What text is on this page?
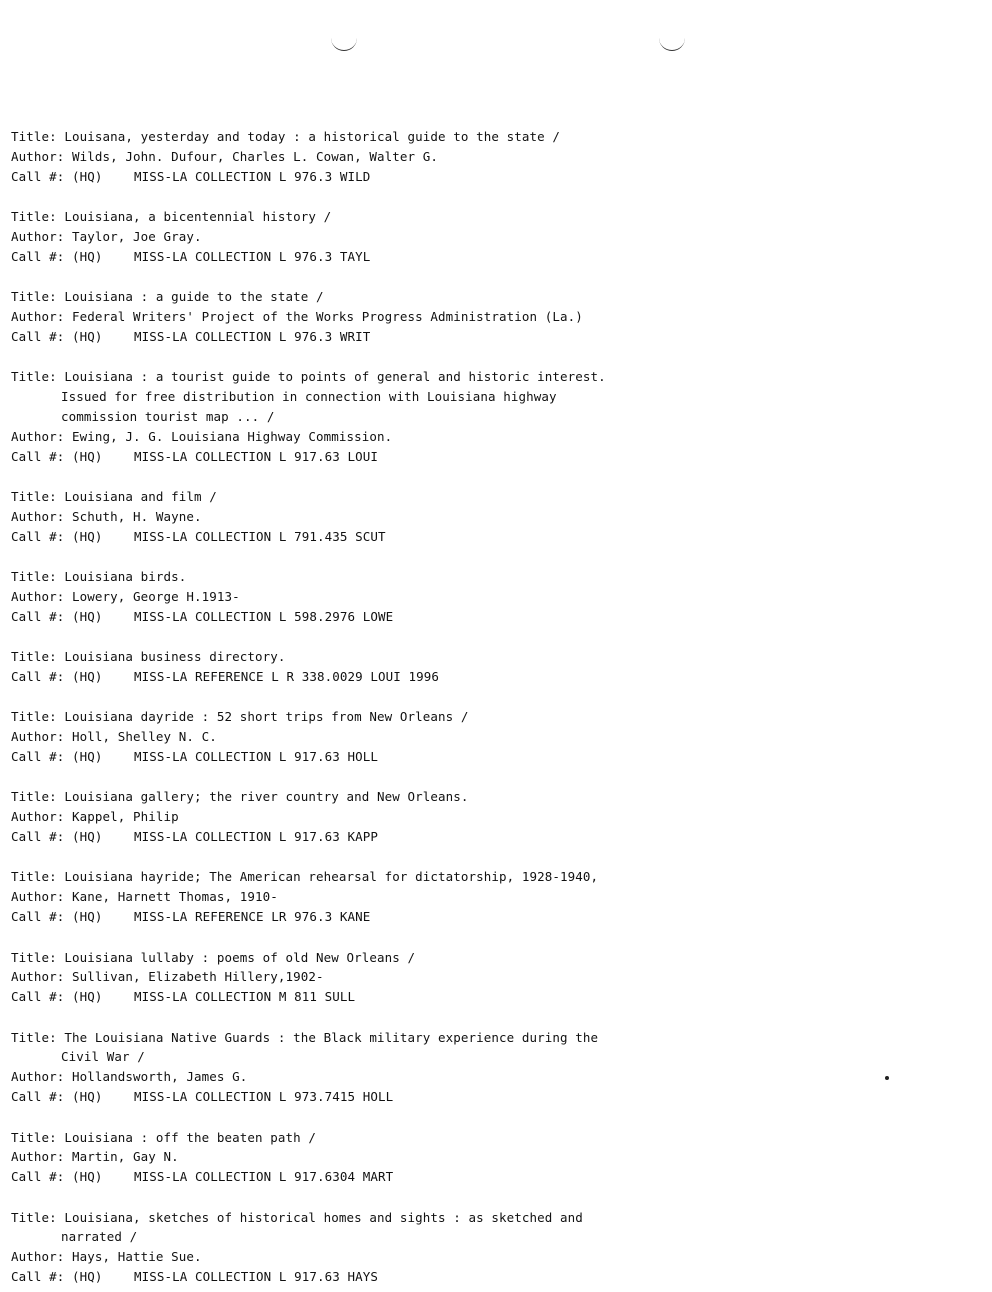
Title: Louisana, yesterday and today : a historical guide to the state /
Author: Wilds, John. Dufour, Charles L. Cowan, Walter G.
Call #: (HQ)	MISS-LA COLLECTION L 976.3 WILD
Title: Louisiana, a bicentennial history /
Author: Taylor, Joe Gray.
Call #: (HQ)	MISS-LA COLLECTION L 976.3 TAYL
Title: Louisiana : a guide to the state /
Author: Federal Writers' Project of the Works Progress Administration (La.)
Call #: (HQ)	MISS-LA COLLECTION L 976.3 WRIT
Title: Louisiana : a tourist guide to points of general and historic interest.
Issued for free distribution in connection with Louisiana highway
commission tourist map ... /
Author: Ewing, J. G. Louisiana Highway Commission.
Call #: (HQ)	MISS-LA COLLECTION L 917.63 LOUI
Title: Louisiana and film /
Author: Schuth, H. Wayne.
Call #: (HQ)	MISS-LA COLLECTION L 791.435 SCUT
Title: Louisiana birds.
Author: Lowery, George H.1913-
Call #: (HQ)	MISS-LA COLLECTION L 598.2976 LOWE
Title: Louisiana business directory.
Call #: (HQ)	MISS-LA REFERENCE L R 338.0029 LOUI 1996
Title: Louisiana dayride : 52 short trips from New Orleans /
Author: Holl, Shelley N. C.
Call #: (HQ)	MISS-LA COLLECTION L 917.63 HOLL
Title: Louisiana gallery; the river country and New Orleans.
Author: Kappel, Philip
Call #: (HQ)	MISS-LA COLLECTION L 917.63 KAPP
Title: Louisiana hayride; The American rehearsal for dictatorship, 1928-1940,
Author: Kane, Harnett Thomas, 1910-
Call #: (HQ)	MISS-LA REFERENCE LR 976.3 KANE
Title: Louisiana lullaby : poems of old New Orleans /
Author: Sullivan, Elizabeth Hillery,1902-
Call #: (HQ)	MISS-LA COLLECTION M 811 SULL
Title: The Louisiana Native Guards : the Black military experience during the
Civil War /
Author: Hollandsworth, James G.
Call #: (HQ)	MISS-LA COLLECTION L 973.7415 HOLL
Title: Louisiana : off the beaten path /
Author: Martin, Gay N.
Call #: (HQ)	MISS-LA COLLECTION L 917.6304 MART
Title: Louisiana, sketches of historical homes and sights : as sketched and
narrated /
Author: Hays, Hattie Sue.
Call #: (HQ)	MISS-LA COLLECTION L 917.63 HAYS
